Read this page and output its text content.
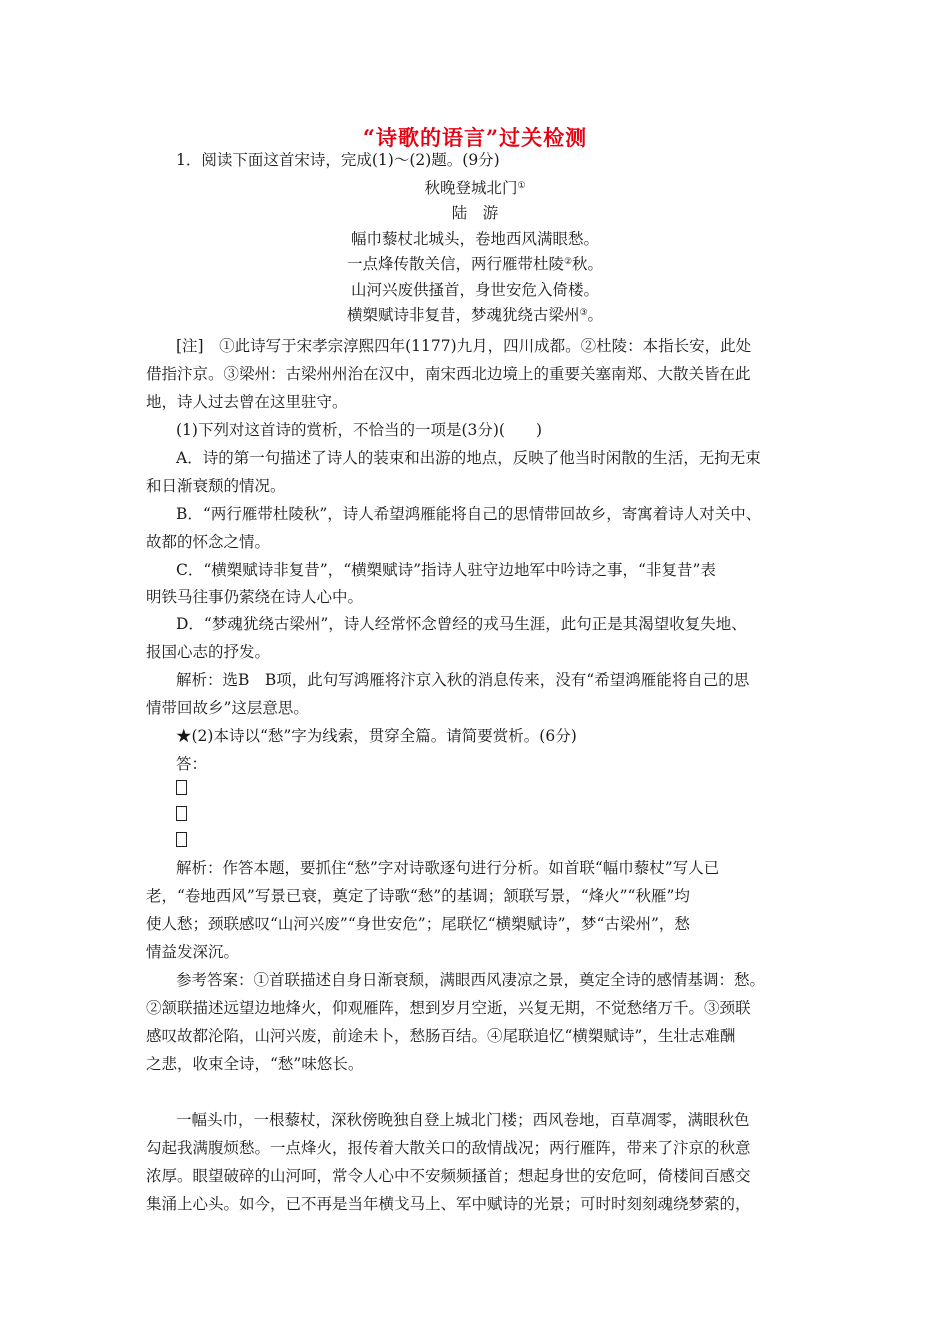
“诗歌的语言”过关检测
1．阅读下面这首宋诗，完成(1)～(2)题。(9分)
秋晚登城北门①
陆　游
幅巾藜杖北城头，卷地西风满眼愁。
一点烽传散关信，两行雁带杜陵②秋。
山河兴废供搔首，身世安危入倚楼。
横槊赋诗非复昔，梦魂犹绕古梁州③。
[注]　①此诗写于宋孝宗淳熙四年(1177)九月，四川成都。②杜陵：本指长安，此处
借指汴京。③梁州：古梁州州治在汉中，南宋西北边境上的重要关塞南郑、大散关皆在此
地，诗人过去曾在这里驻守。
(1)下列对这首诗的赏析，不恰当的一项是(3分)(　　)
A．诗的第一句描述了诗人的装束和出游的地点，反映了他当时闲散的生活，无拘无束
和日渐衰颓的情况。
B．“两行雁带杜陵秋”，诗人希望鸿雁能将自己的思情带回故乡，寄寓着诗人对关中、
故都的怀念之情。
C．“横槊赋诗非复昔”，“横槊赋诗”指诗人驻守边地军中吟诗之事，“非复昔”表
明铁马往事仍萦绕在诗人心中。
D．“梦魂犹绕古梁州”，诗人经常怀念曾经的戎马生涯，此句正是其渴望收复失地、
报国心志的抒发。
解析：选B　B项，此句写鸿雁将汴京入秋的消息传来，没有“希望鸿雁能将自己的思
情带回故乡”这层意思。
★(2)本诗以“愁”字为线索，贯穿全篇。请简要赏析。(6分)
答：
解析：作答本题，要抓住“愁”字对诗歌逐句进行分析。如首联“幅巾藜杖”写人已
老，“卷地西风”写景已衰，奠定了诗歌“愁”的基调；颔联写景，“烽火”“秋雁”均
使人愁；颈联感叹“山河兴废”“身世安危”；尾联忆“横槊赋诗”，梦“古梁州”，愁
情益发深沉。
参考答案：①首联描述自身日渐衰颓，满眼西风凄凉之景，奠定全诗的感情基调：愁。
②颔联描述远望边地烽火，仰观雁阵，想到岁月空逝，兴复无期，不觉愁绪万千。③颈联
感叹故都沦陷，山河兴废，前途未卜，愁肠百结。④尾联追忆“横槊赋诗”，生壮志难酬
之悲，收束全诗，“愁”味悠长。
一幅头巾，一根藜杖，深秋傍晚独自登上城北门楼；西风卷地，百草凋零，满眼秋色
勾起我满腹烦愁。一点烽火，报传着大散关口的敌情战况；两行雁阵，带来了汴京的秋意
浓厚。眼望破碎的山河呵，常令人心中不安频频搔首；想起身世的安危呵，倚楼间百感交
集涌上心头。如今，已不再是当年横戈马上、军中赋诗的光景；可时时刻刻魂绕梦萦的，
